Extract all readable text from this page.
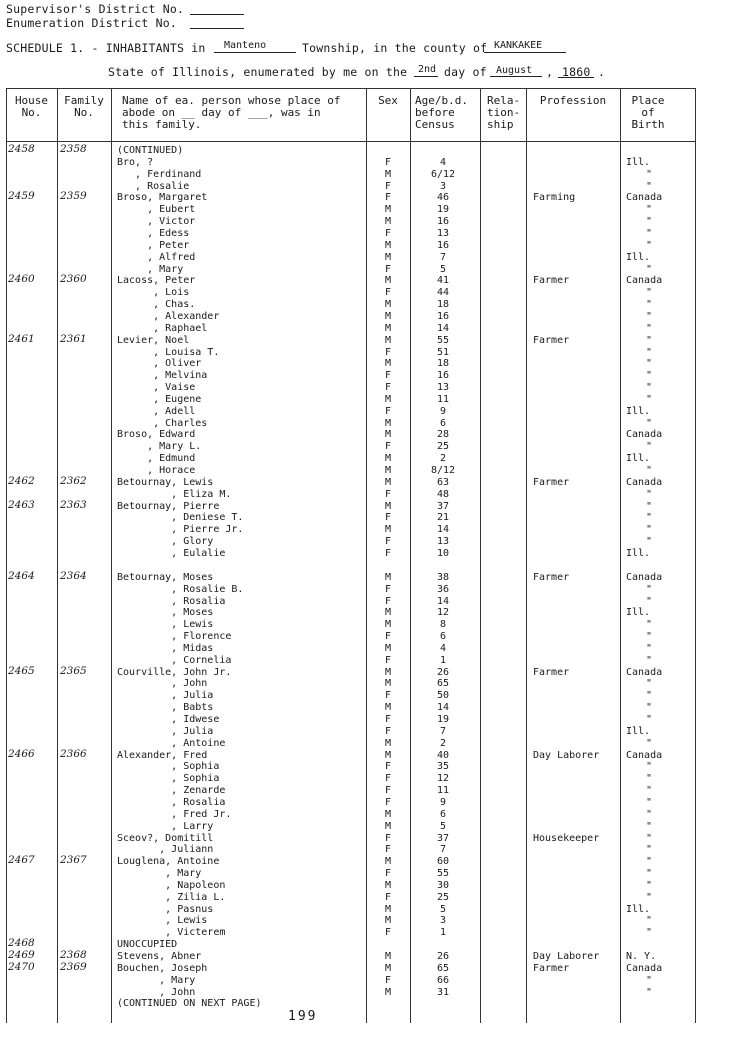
Supervisor's District No.
Enumeration District No.
SCHEDULE 1. - INHABITANTS in Manteno	Township, in the county of KANKAKEE
State of Illinois, enumerated by me on the 2nd day of August , 1860 .
House
No.
Family
No.
Name of ea. person whose place of
abode on __ day of ___, was in
this family.
Sex	Age/b.d.
before
Census
Rela-
tion-
ship
Profession	Place
of
Birth
2458	2358	(CONTINUED)
Bro, ?	F	4	Ill.
, Ferdinand	M	6/12	"
, Rosalie	F	3	"
2459	2359	Broso, Margaret	F	46	Farming	Canada
, Eubert	M	19	"
, Victor	M	16	"
, Edess	F	13	"
, Peter	M	16	"
, Alfred	M	7	Ill.
, Mary	F	5	"
2460	2360	Lacoss, Peter	M	41	Farmer	Canada
, Lois	F	44	"
, Chas.	M	18	"
, Alexander	M	16	"
, Raphael	M	14	"
2461	2361	Levier, Noel	M	55	Farmer	"
, Louisa T.	F	51	"
, Oliver	M	18	"
, Melvina	F	16	"
, Vaise	F	13	"
, Eugene	M	11	"
, Adell	F	9	Ill.
, Charles	M	6	"
Broso, Edward	M	28	Canada
, Mary L.	F	25	"
, Edmund	M	2	Ill.
, Horace	M	8/12	"
2462	2362	Betournay, Lewis	M	63	Farmer	Canada
, Eliza M.	F	48	"
2463	2363	Betournay, Pierre	M	37	"
, Deniese T.	F	21	"
, Pierre Jr.	M	14	"
, Glory	F	13	"
, Eulalie	F	10	Ill.
2464	2364	Betournay, Moses	M	38	Farmer	Canada
, Rosalie B.	F	36	"
, Rosalia	F	14	"
, Moses	M	12	Ill.
, Lewis	M	8	"
, Florence	F	6	"
, Midas	M	4	"
, Cornelia	F	1	"
2465	2365	Courville, John Jr.	M	26	Farmer	Canada
, John	M	65	"
, Julia	F	50	"
, Babts	M	14	"
, Idwese	F	19	"
, Julia	F	7	Ill.
, Antoine	M	2	"
2466	2366	Alexander, Fred	M	40	Day Laborer	Canada
, Sophia	F	35	"
, Sophia	F	12	"
, Zenarde	F	11	"
, Rosalia	F	9	"
, Fred Jr.	M	6	"
, Larry	M	5	"
Sceov?, Domitill	F	37	Housekeeper	"
, Juliann	F	7	"
2467	2367	Louglena, Antoine	M	60	"
, Mary	F	55	"
, Napoleon	M	30	"
, Zilia L.	F	25	"
, Pasnus	M	5	Ill.
, Lewis	M	3	"
, Victerem	F	1	"
2468	UNOCCUPIED
2469	2368	Stevens, Abner	M	26	Day Laborer	N. Y.
2470	2369	Bouchen, Joseph	M	65	Farmer	Canada
, Mary	F	66	"
, John	M	31	"
(CONTINUED ON NEXT PAGE)
199
